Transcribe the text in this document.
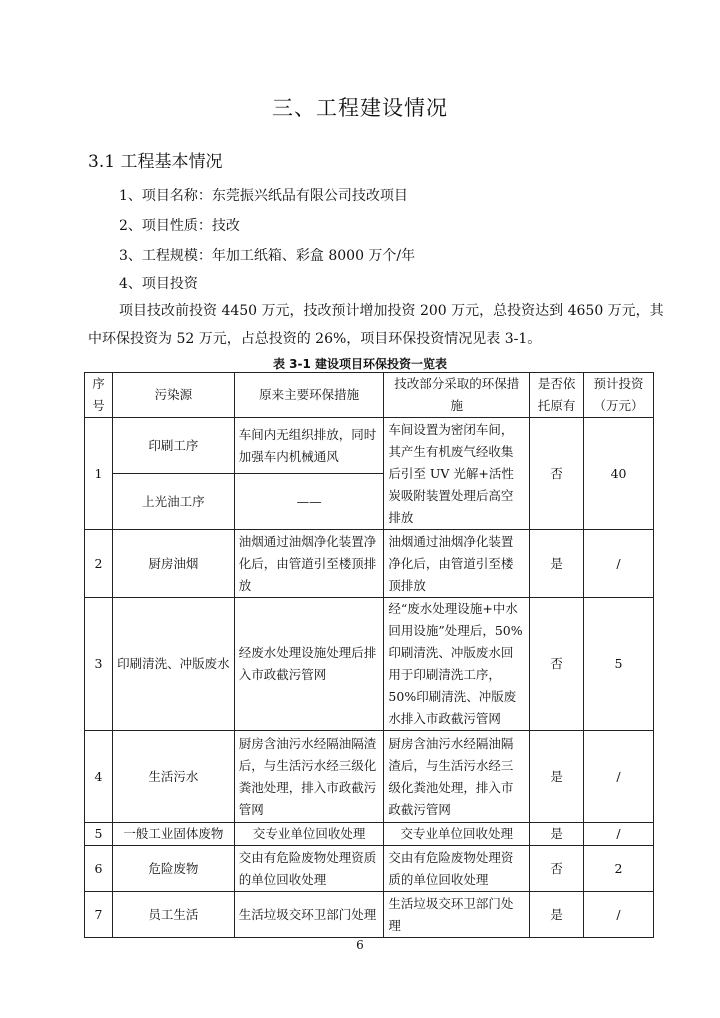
三、工程建设情况
3.1 工程基本情况
1、项目名称：东莞振兴纸品有限公司技改项目
2、项目性质：技改
3、工程规模：年加工纸箱、彩盒 8000 万个/年
4、项目投资
项目技改前投资 4450 万元，技改预计增加投资 200 万元，总投资达到 4650 万元，其
中环保投资为 52 万元，占总投资的 26%，项目环保投资情况见表 3-1。
表 3-1 建设项目环保投资一览表
序号	污染源	原来主要环保措施	技改部分采取的环保措施	是否依托原有	预计投资（万元）
1	印刷工序	车间内无组织排放，同时加强车内机械通风	车间设置为密闭车间，其产生有机废气经收集后引至 UV 光解+活性炭吸附装置处理后高空排放	否	40
	上光油工序	——			
2	厨房油烟	油烟通过油烟净化装置净化后，由管道引至楼顶排放	油烟通过油烟净化装置净化后，由管道引至楼顶排放	是	/
3	印刷清洗、冲版废水	经废水处理设施处理后排入市政截污管网	经“废水处理设施+中水回用设施”处理后，50%印刷清洗、冲版废水回用于印刷清洗工序，50%印刷清洗、冲版废水排入市政截污管网	否	5
4	生活污水	厨房含油污水经隔油隔渣后，与生活污水经三级化粪池处理，排入市政截污管网	厨房含油污水经隔油隔渣后，与生活污水经三级化粪池处理，排入市政截污管网	是	/
5	一般工业固体废物	交专业单位回收处理	交专业单位回收处理	是	/
6	危险废物	交由有危险废物处理资质的单位回收处理	交由有危险废物处理资质的单位回收处理	否	2
7	员工生活	生活垃圾交环卫部门处理	生活垃圾交环卫部门处理	是	/
6
